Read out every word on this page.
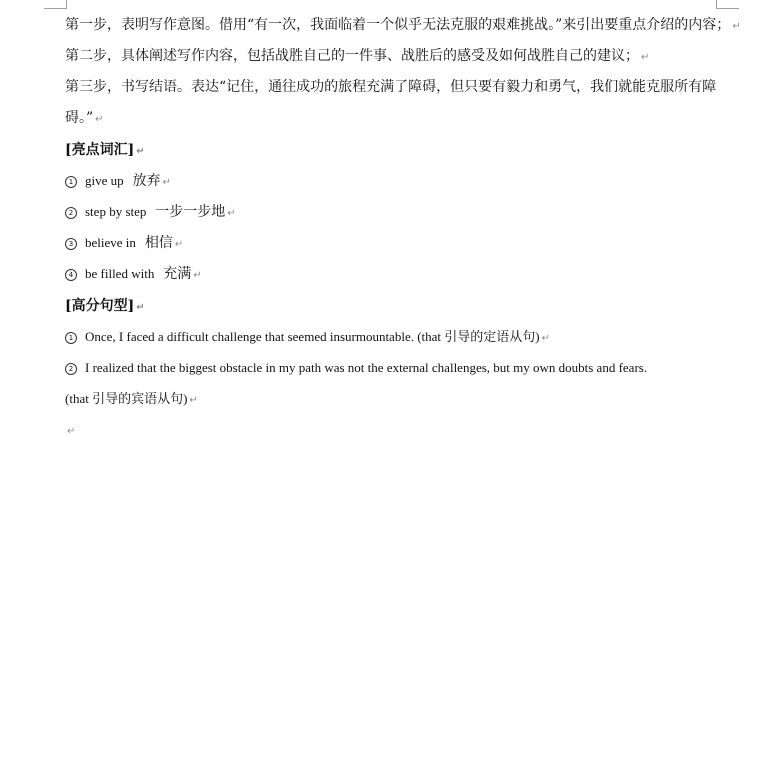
第一步，表明写作意图。借用“有一次，我面临着一个似乎无法克服的艰难挑战。”来引出要重点介绍的内容； ↵
第二步，具体阐述写作内容，包括战胜自己的一件事、战胜后的感受及如何战胜自己的建议； ↵
第三步，书写结语。表达“记住，通往成功的旅程充满了障碍，但只要有毅力和勇气，我们就能克服所有障
碍。” ↵
[亮点词汇] ↵
1 give up 放弃 ↵
2 step by step 一步一步地 ↵
3 believe in 相信 ↵
4 be filled with 充满 ↵
[高分句型] ↵
1 Once, I faced a difficult challenge that seemed insurmountable. (that 引导的定语从句) ↵
2 I realized that the biggest obstacle in my path was not the external challenges, but my own doubts and fears.
(that 引导的宾语从句) ↵
↵
